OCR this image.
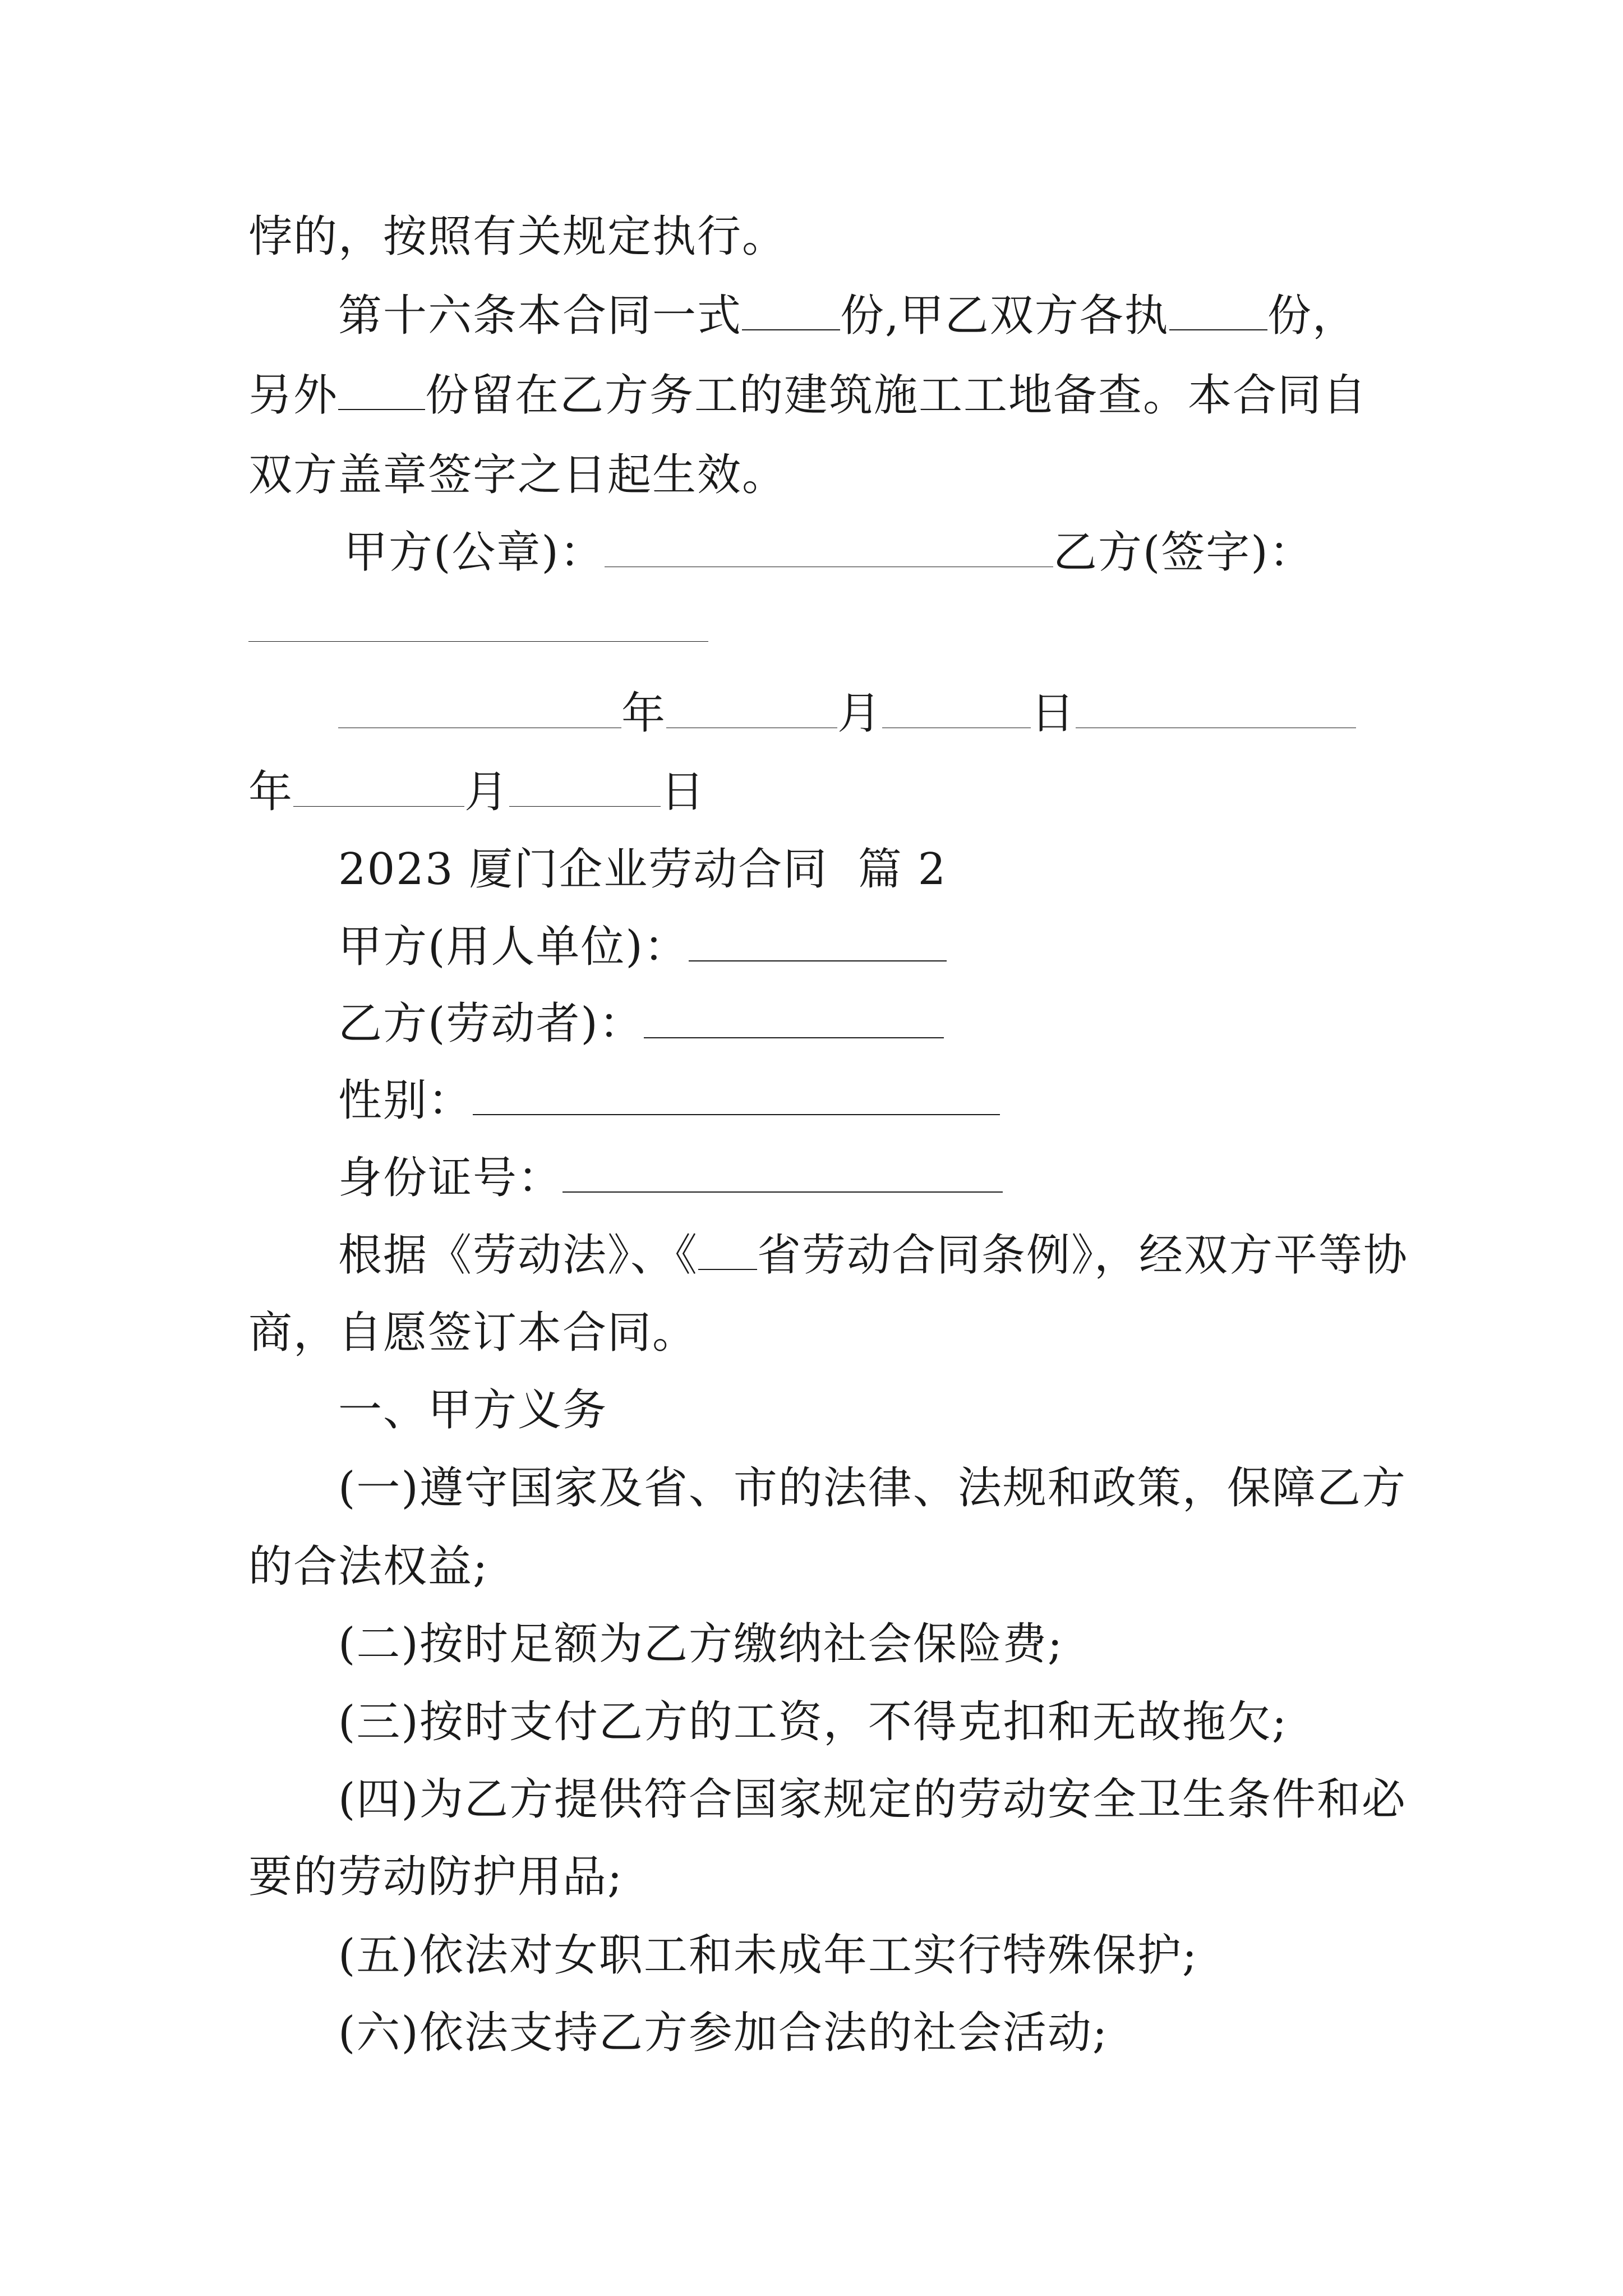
悖的，按照有关规定执行。
第十六条本合同一式 份,甲乙双方各执 份，
另外 份留在乙方务工的建筑施工工地备查。本合同自
双方盖章签字之日起生效。
甲方(公章)：	乙方(签字)：
年	月	日
年	月	日
2023 厦门企业劳动合同  篇 2
甲方(用人单位)：
乙方(劳动者)：
性别：
身份证号：
根据《劳动法》、《 省劳动合同条例》，经双方平等协
商，自愿签订本合同。
一、甲方义务
(一)遵守国家及省、市的法律、法规和政策，保障乙方
的合法权益;
(二)按时足额为乙方缴纳社会保险费;
(三)按时支付乙方的工资，不得克扣和无故拖欠;
(四)为乙方提供符合国家规定的劳动安全卫生条件和必
要的劳动防护用品;
(五)依法对女职工和未成年工实行特殊保护;
(六)依法支持乙方参加合法的社会活动;
